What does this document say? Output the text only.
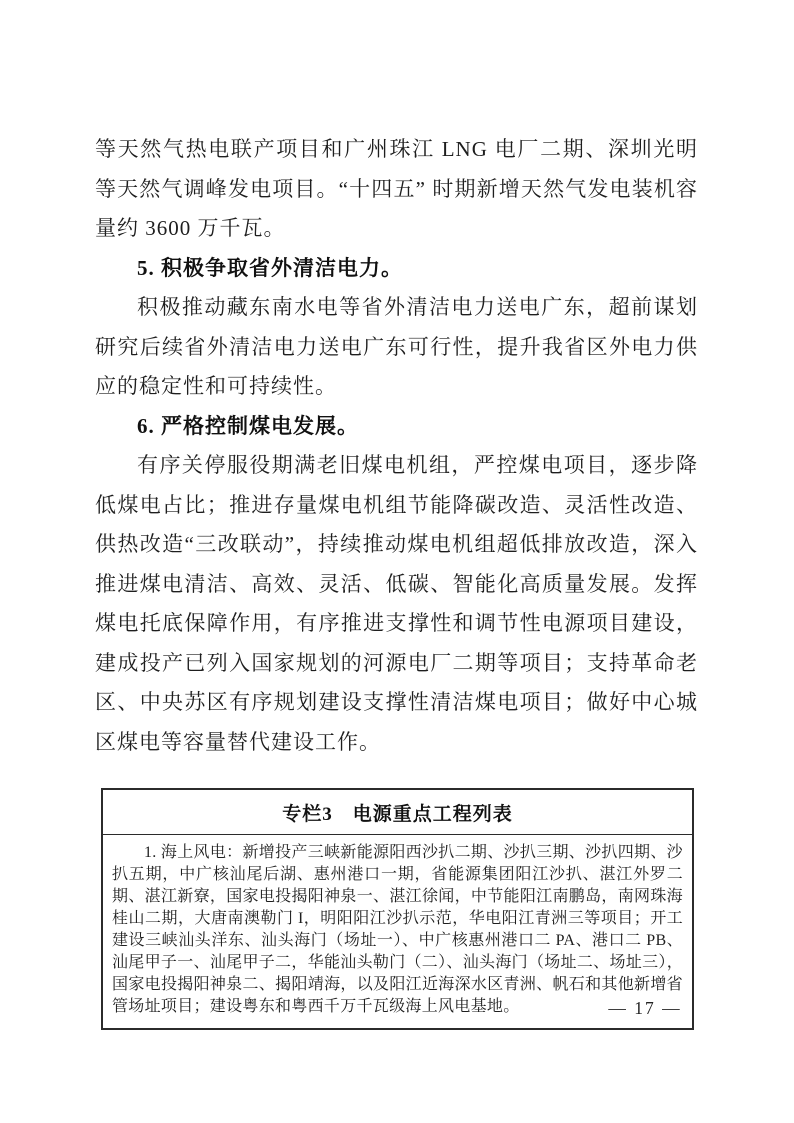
等天然气热电联产项目和广州珠江 LNG 电厂二期、深圳光明等天然气调峰发电项目。“十四五” 时期新增天然气发电装机容量约 3600 万千瓦。

5. 积极争取省外清洁电力。

积极推动藏东南水电等省外清洁电力送电广东，超前谋划研究后续省外清洁电力送电广东可行性，提升我省区外电力供应的稳定性和可持续性。

6. 严格控制煤电发展。

有序关停服役期满老旧煤电机组，严控煤电项目，逐步降低煤电占比；推进存量煤电机组节能降碳改造、灵活性改造、供热改造“三改联动”，持续推动煤电机组超低排放改造，深入推进煤电清洁、高效、灵活、低碳、智能化高质量发展。发挥煤电托底保障作用，有序推进支撑性和调节性电源项目建设，建成投产已列入国家规划的河源电厂二期等项目；支持革命老区、中央苏区有序规划建设支撑性清洁煤电项目；做好中心城区煤电等容量替代建设工作。

专栏3　电源重点工程列表
1. 海上风电：新增投产三峡新能源阳西沙扒二期、沙扒三期、沙扒四期、沙扒五期，中广核汕尾后湖、惠州港口一期，省能源集团阳江沙扒、湛江外罗二期、湛江新寮，国家电投揭阳神泉一、湛江徐闻，中节能阳江南鹏岛，南网珠海桂山二期，大唐南澳勒门 I，明阳阳江沙扒示范，华电阳江青洲三等项目；开工建设三峡汕头洋东、汕头海门（场址一）、中广核惠州港口二 PA、港口二 PB、汕尾甲子一、汕尾甲子二，华能汕头勒门（二）、汕头海门（场址二、场址三），国家电投揭阳神泉二、揭阳靖海，以及阳江近海深水区青洲、帆石和其他新增省管场址项目；建设粤东和粤西千万千瓦级海上风电基地。	— 17 —
